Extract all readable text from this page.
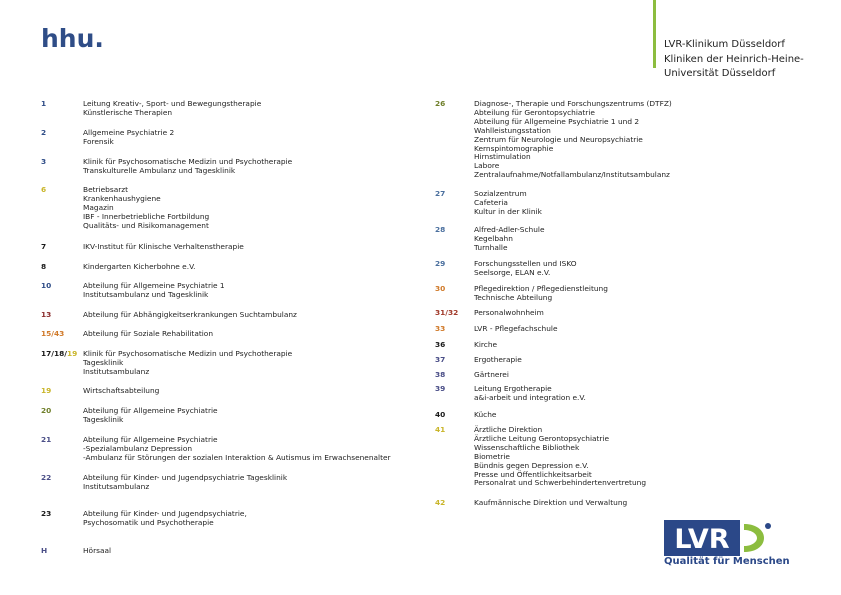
hhu.	LVR-Klinikum Düsseldorf
Kliniken der Heinrich-Heine-
Universität Düsseldorf
1	Leitung Kreativ-, Sport- und Bewegungstherapie
Künstlerische Therapien
2	Allgemeine Psychiatrie 2
Forensik
3	Klinik für Psychosomatische Medizin und Psychotherapie
Transkulturelle Ambulanz und Tagesklinik
6	Betriebsarzt
Krankenhaushygiene
Magazin
IBF - Innerbetriebliche Fortbildung
Qualitäts- und Risikomanagement
7	IKV-Institut für Klinische Verhaltenstherapie
8	Kindergarten Kicherbohne e.V.
10	Abteilung für Allgemeine Psychiatrie 1
Institutsambulanz und Tagesklinik
13	Abteilung für Abhängigkeitserkrankungen Suchtambulanz
15/43	Abteilung für Soziale Rehabilitation
17/18/19 Klinik für Psychosomatische Medizin und Psychotherapie
Tagesklinik
Institutsambulanz
19	Wirtschaftsabteilung
20	Abteilung für Allgemeine Psychiatrie
Tagesklinik
21	Abteilung für Allgemeine Psychiatrie
-Spezialambulanz Depression
-Ambulanz für Störungen der sozialen Interaktion & Autismus im Erwachsenenalter
22	Abteilung für Kinder- und Jugendpsychiatrie Tagesklinik
Institutsambulanz
23	Abteilung für Kinder- und Jugendpsychiatrie,
Psychosomatik und Psychotherapie
H	Hörsaal
26	Diagnose-, Therapie und Forschungszentrums (DTFZ)
Abteilung für Gerontopsychiatrie
Abteilung für Allgemeine Psychiatrie 1 und 2
Wahlleistungsstation
Zentrum für Neurologie und Neuropsychiatrie
Kernspintomographie
Hirnstimulation
Labore
Zentralaufnahme/Notfallambulanz/Institutsambulanz
27	Sozialzentrum
Cafeteria
Kultur in der Klinik
28	Alfred-Adler-Schule
Kegelbahn
Turnhalle
29	Forschungsstellen und ISKO
Seelsorge, ELAN e.V.
30	Pflegedirektion / Pflegedienstleitung
Technische Abteilung
31/32 Personalwohnheim
33	LVR - Pflegefachschule
36	Kirche
37	Ergotherapie
38	Gärtnerei
39	Leitung Ergotherapie
a&i-arbeit und integration e.V.
40	Küche
41	Ärztliche Direktion
Ärztliche Leitung Gerontopsychiatrie
Wissenschaftliche Bibliothek
Biometrie
Bündnis gegen Depression e.V.
Presse und Öffentlichkeitsarbeit
Personalrat und Schwerbehindertenvertretung
42	Kaufmännische Direktion und Verwaltung
LVR
Qualität für Menschen
